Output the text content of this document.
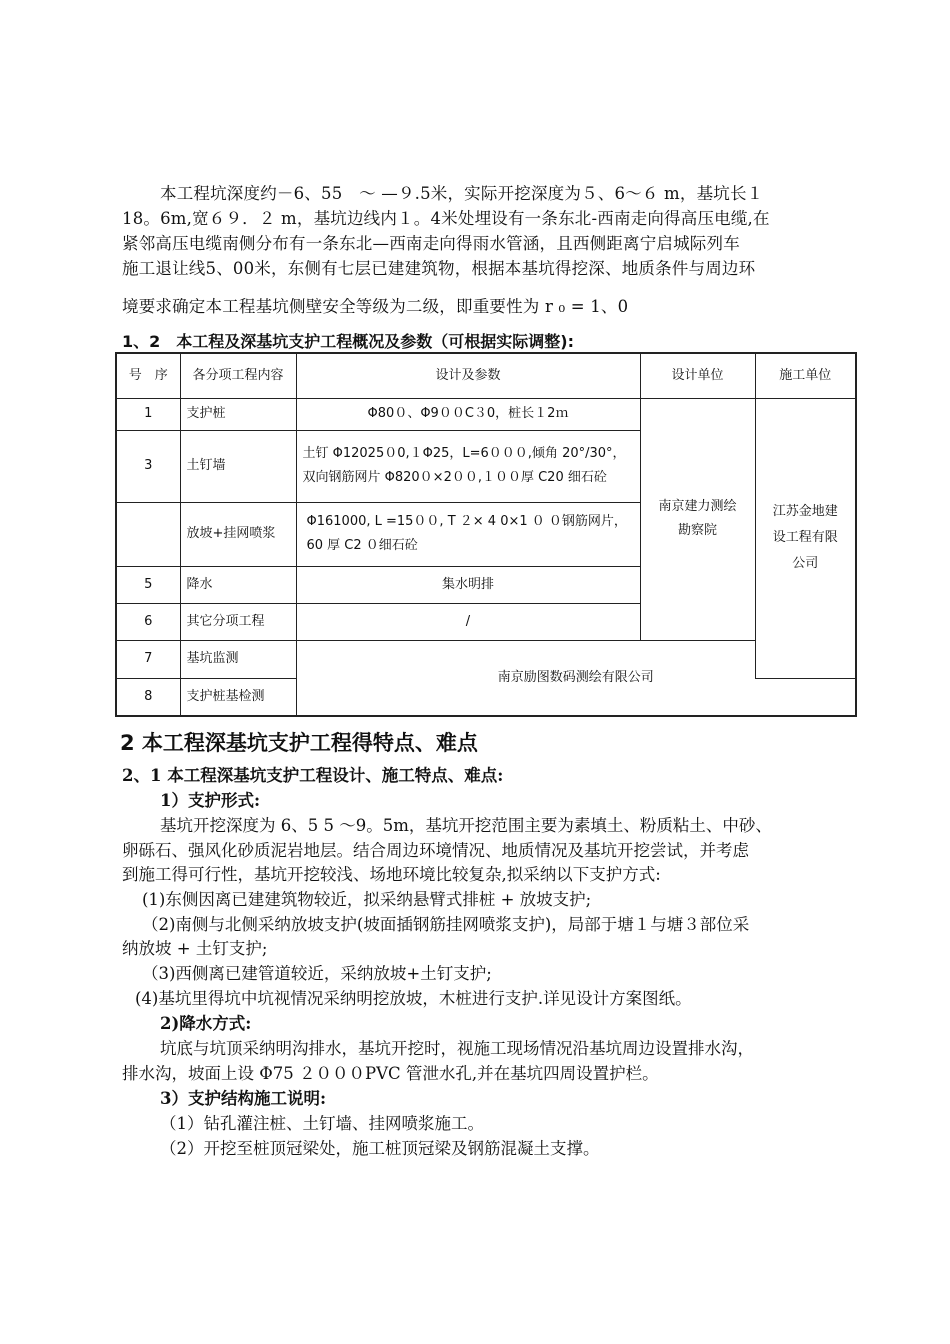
本工程坑深度约－6、55　～ —９.5米，实际开挖深度为５、6～６ m，基坑长１
18。6m,宽６９．２ m，基坑边线内１。4米处埋设有一条东北-西南走向得高压电缆,在
紧邻高压电缆南侧分布有一条东北—西南走向得雨水管涵，且西侧距离宁启城际列车
施工退让线5、00米，东侧有七层已建建筑物，根据本基坑得挖深、地质条件与周边环
境要求确定本工程基坑侧壁安全等级为二级，即重要性为 r ₀ = 1、0
1、2　本工程及深基坑支护工程概况及参数（可根据实际调整):
号　序	各分项工程内容	设计及参数	设计单位	施工单位
1	支护桩	Φ80０、Φ9００C３0，桩长１2ｍ	南京建力测绘勘察院	江苏金地建设工程有限公司
3	土钉墙	土钉 Φ12025０0,１Φ25，L=6０００,倾角 20°/30°，双向钢筋网片 Φ820０×2００,１００厚 C20 细石砼		
	放坡+挂网喷浆	Φ161000, L =15００, T ２× 4 0×1 ０ ０钢筋网片，60 厚 C2 ０细石砼		
5	降水	集水明排		
6	其它分项工程	/		
7	基坑监测	南京励图数码测绘有限公司		
8	支护桩基检测			
2 本工程深基坑支护工程得特点、难点
2、1 本工程深基坑支护工程设计、施工特点、难点:
1）支护形式:
基坑开挖深度为 6、5 5 ～9。5m，基坑开挖范围主要为素填土、粉质粘土、中砂、
卵砾石、强风化砂质泥岩地层。结合周边环境情况、地质情况及基坑开挖尝试，并考虑
到施工得可行性，基坑开挖较浅、场地环境比较复杂,拟采纳以下支护方式:
(1)东侧因离已建建筑物较近，拟采纳悬臂式排桩 + 放坡支护;
（2)南侧与北侧采纳放坡支护(坡面插钢筋挂网喷浆支护)，局部于塘１与塘３部位采
纳放坡 + 土钉支护;
（3)西侧离已建管道较近，采纳放坡+土钉支护;
(4)基坑里得坑中坑视情况采纳明挖放坡，木桩进行支护.详见设计方案图纸。
2)降水方式:
坑底与坑顶采纳明沟排水，基坑开挖时，视施工现场情况沿基坑周边设置排水沟，
排水沟，坡面上设 Φ75 ２０００PVC 管泄水孔,并在基坑四周设置护栏。
3）支护结构施工说明:
（1）钻孔灌注桩、土钉墙、挂网喷浆施工。
（2）开挖至桩顶冠梁处，施工桩顶冠梁及钢筋混凝土支撑。
